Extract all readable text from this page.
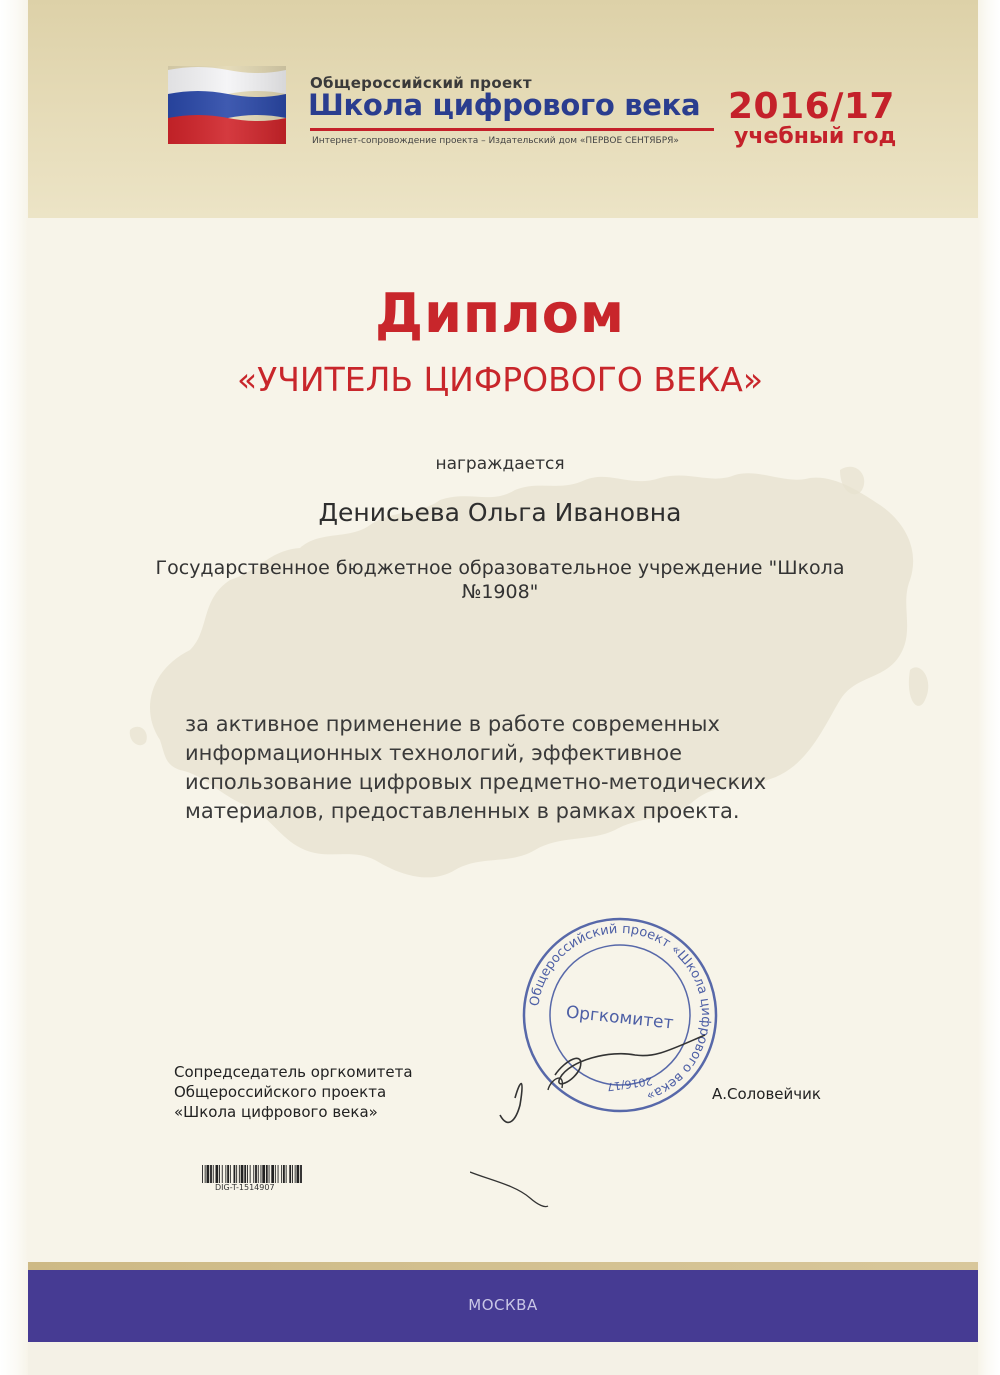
Общероссийский проект
Школа цифрового века
Интернет-сопровождение проекта – Издательский дом «ПЕРВОЕ СЕНТЯБРЯ»
2016/17
учебный год
Диплом
«УЧИТЕЛЬ ЦИФРОВОГО ВЕКА»
награждается
Денисьева Ольга Ивановна
Государственное бюджетное образовательное учреждение "Школа №1908"
за активное применение в работе современных информационных технологий, эффективное использование цифровых предметно-методических материалов, предоставленных в рамках проекта.
Общероссийский проект «Школа цифрового века»
Оргкомитет
2016/17
Сопредседатель оргкомитета
Общероссийского проекта
«Школа цифрового века»
А.Соловейчик
DIG-T-1514907
МОСКВА
